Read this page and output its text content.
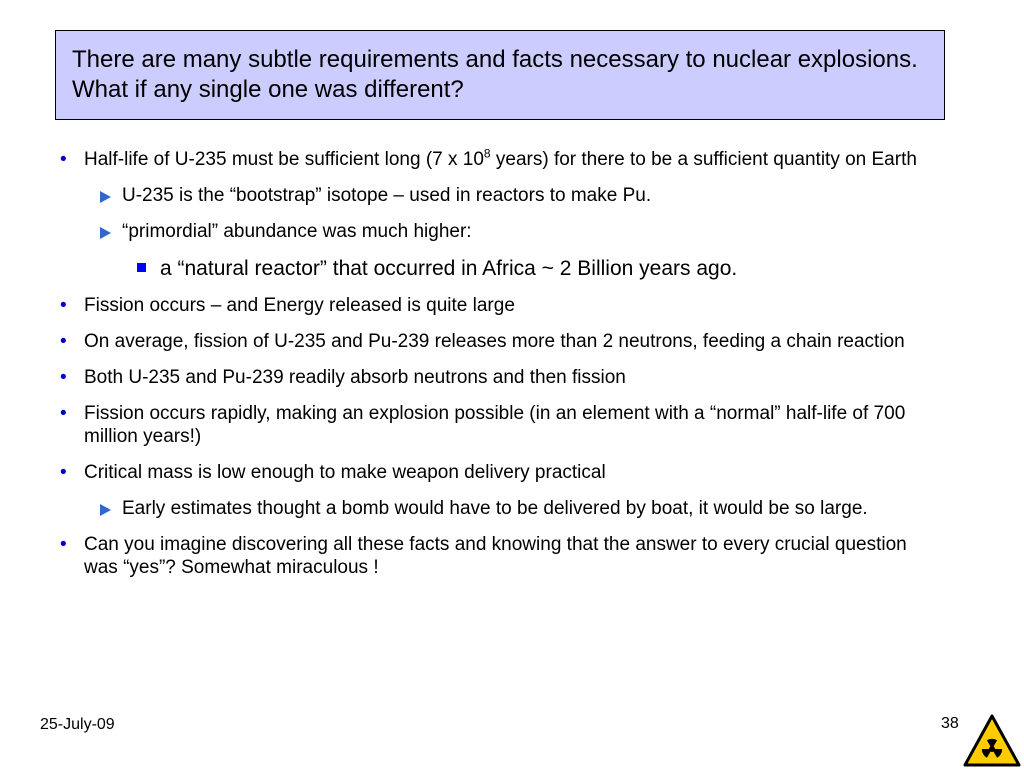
There are many subtle requirements and facts necessary to nuclear explosions. What if any single one was different?
• Half-life of U-235 must be sufficient long (7 x $10^8$ years) for there to be a sufficient quantity on Earth
U-235 is the “bootstrap” isotope – used in reactors to make Pu.
“primordial” abundance was much higher:
a “natural reactor” that occurred in Africa ~ 2 Billion years ago.
• Fission occurs – and Energy released is quite large
• On average, fission of U-235 and Pu-239 releases more than 2 neutrons, feeding a chain reaction
• Both U-235 and Pu-239 readily absorb neutrons and then fission
• Fission occurs rapidly, making an explosion possible (in an element with a “normal” half-life of 700 million years!)
• Critical mass is low enough to make weapon delivery practical
Early estimates thought a bomb would have to be delivered by boat, it would be so large.
• Can you imagine discovering all these facts and knowing that the answer to every crucial question was “yes”? Somewhat miraculous !
25-July-09	38
